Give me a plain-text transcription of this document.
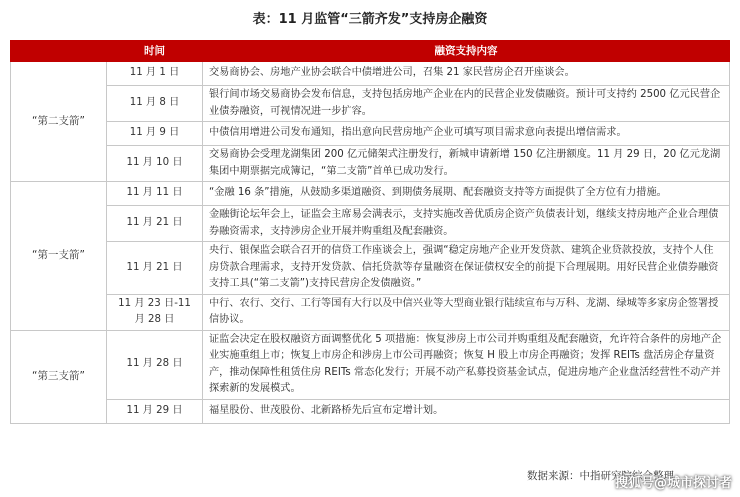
表：11 月监管“三箭齐发”支持房企融资
	时间	融资支持内容
“第二支箭”	11 月 1 日	交易商协会、房地产业协会联合中债增进公司，召集 21 家民营房企召开座谈会。
	11 月 8 日	银行间市场交易商协会发布信息，支持包括房地产企业在内的民营企业发债融资。预计可支持约 2500 亿元民营企业债券融资，可视情况进一步扩容。
	11 月 9 日	中债信用增进公司发布通知，指出意向民营房地产企业可填写项目需求意向表提出增信需求。
	11 月 10 日	交易商协会受理龙湖集团 200 亿元储架式注册发行，新城申请新增 150 亿注册额度。11 月 29 日，20 亿元龙湖集团中期票据完成簿记，“第二支箭”首单已成功发行。
“第一支箭”	11 月 11 日	“金融 16 条”措施，从鼓励多渠道融资、到期债务展期、配套融资支持等方面提供了全方位有力措施。
	11 月 21 日	金融街论坛年会上，证监会主席易会满表示，支持实施改善优质房企资产负债表计划，继续支持房地产企业合理债券融资需求，支持涉房企业开展并购重组及配套融资。
	11 月 21 日	央行、银保监会联合召开的信贷工作座谈会上，强调“稳定房地产企业开发贷款、建筑企业贷款投放，支持个人住房贷款合理需求，支持开发贷款、信托贷款等存量融资在保证债权安全的前提下合理展期。用好民营企业债券融资支持工具(“第二支箭”)支持民营房企发债融资。”
	11 月 23 日-11 月 28 日	中行、农行、交行、工行等国有大行以及中信兴业等大型商业银行陆续宣布与万科、龙湖、绿城等多家房企签署授信协议。
“第三支箭”	11 月 28 日	证监会决定在股权融资方面调整优化 5 项措施：恢复涉房上市公司并购重组及配套融资，允许符合条件的房地产企业实施重组上市；恢复上市房企和涉房上市公司再融资；恢复 H 股上市房企再融资；发挥 REITs 盘活房企存量资产，推动保障性租赁住房 REITs 常态化发行；开展不动产私募投资基金试点，促进房地产企业盘活经营性不动产并探索新的发展模式。
	11 月 29 日	福星股份、世茂股份、北新路桥先后宣布定增计划。
数据来源：中指研究院综合整理
搜狐号@城市探讨者
